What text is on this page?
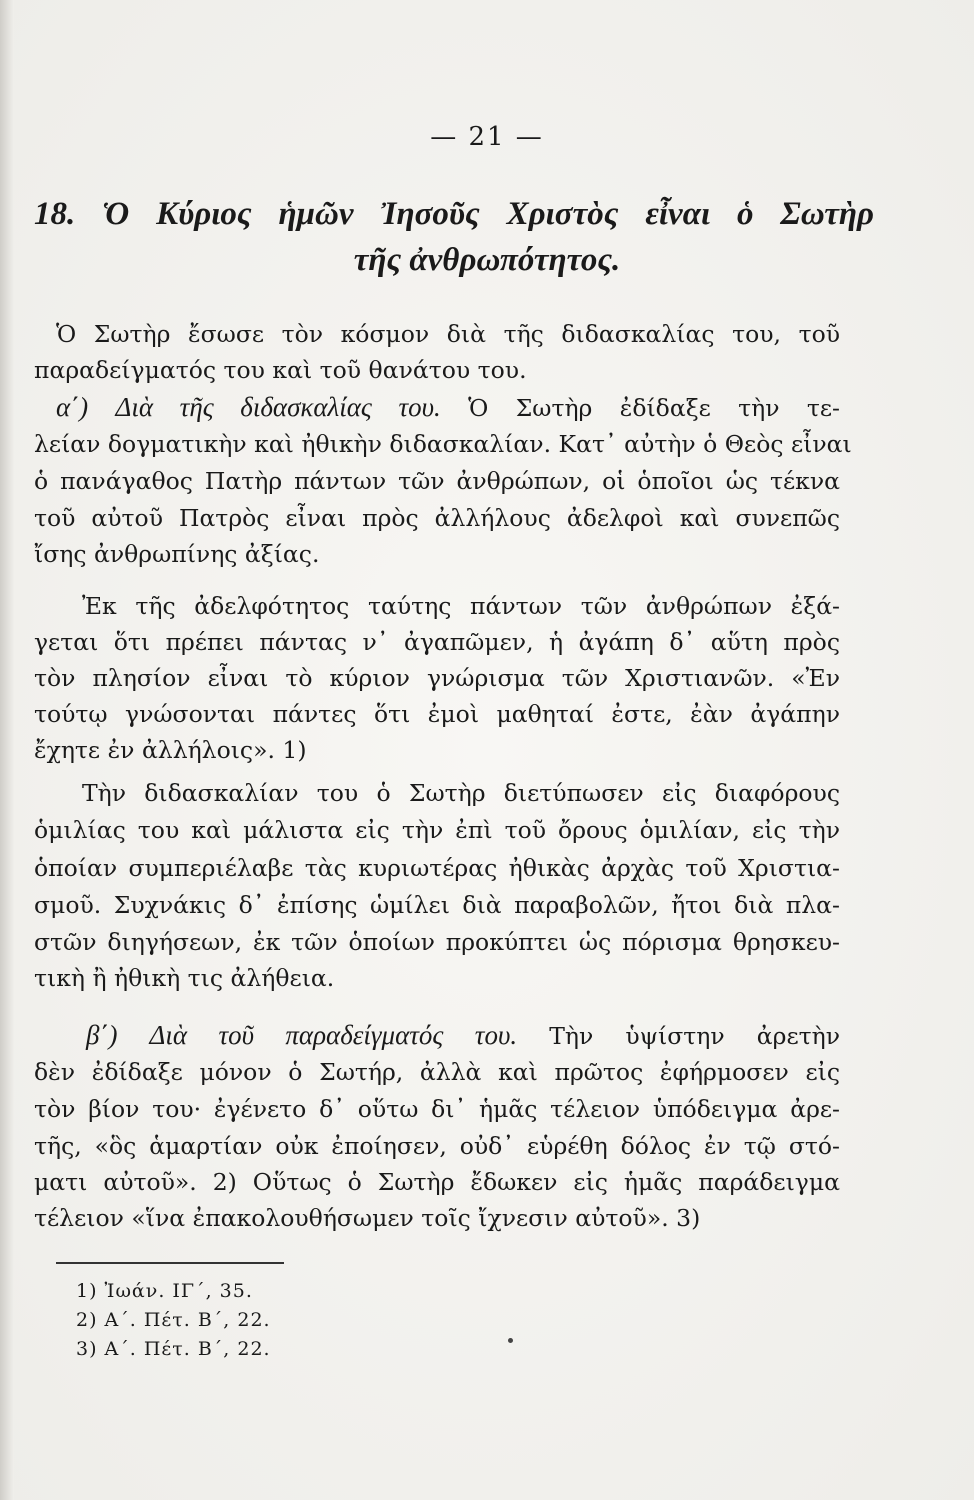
— 21 —
18. Ὁ Κύριος ἡμῶν Ἰησοῦς Χριστὸς εἶναι ὁ Σωτὴρ
τῆς ἀνθρωπότητος.
Ὁ Σωτὴρ ἔσωσε τὸν κόσμον διὰ τῆς διδασκαλίας του, τοῦ
παραδείγματός του καὶ τοῦ θανάτου του.
α΄) Διὰ τῆς διδασκαλίας του. Ὁ Σωτὴρ ἐδίδαξε τὴν τε-
λείαν δογματικὴν καὶ ἠθικὴν διδασκαλίαν. Κατ᾿ αὐτὴν ὁ Θεὸς εἶναι
ὁ πανάγαθος Πατὴρ πάντων τῶν ἀνθρώπων, οἱ ὁποῖοι ὡς τέκνα
τοῦ αὐτοῦ Πατρὸς εἶναι πρὸς ἀλλήλους ἀδελφοὶ καὶ συνεπῶς
ἴσης ἀνθρωπίνης ἀξίας.
Ἐκ τῆς ἀδελφότητος ταύτης πάντων τῶν ἀνθρώπων ἐξά-
γεται ὅτι πρέπει πάντας ν᾿ ἀγαπῶμεν, ἡ ἀγάπη δ᾿ αὕτη πρὸς
τὸν πλησίον εἶναι τὸ κύριον γνώρισμα τῶν Χριστιανῶν. «Ἐν
τούτῳ γνώσονται πάντες ὅτι ἐμοὶ μαθηταί ἐστε, ἐὰν ἀγάπην
ἔχητε ἐν ἀλλήλοις». 1)
Τὴν διδασκαλίαν του ὁ Σωτὴρ διετύπωσεν εἰς διαφόρους
ὁμιλίας του καὶ μάλιστα εἰς τὴν ἐπὶ τοῦ ὄρους ὁμιλίαν, εἰς τὴν
ὁποίαν συμπεριέλαβε τὰς κυριωτέρας ἠθικὰς ἀρχὰς τοῦ Χριστια-
σμοῦ. Συχνάκις δ᾿ ἐπίσης ὡμίλει διὰ παραβολῶν, ἤτοι διὰ πλα-
στῶν διηγήσεων, ἐκ τῶν ὁποίων προκύπτει ὡς πόρισμα θρησκευ-
τικὴ ἢ ἠθικὴ τις ἀλήθεια.
β΄) Διὰ τοῦ παραδείγματός του. Τὴν ὑψίστην ἀρετὴν
δὲν ἐδίδαξε μόνον ὁ Σωτήρ, ἀλλὰ καὶ πρῶτος ἐφήρμοσεν εἰς
τὸν βίον του· ἐγένετο δ᾿ οὕτω δι᾿ ἡμᾶς τέλειον ὑπόδειγμα ἀρε-
τῆς, «ὃς ἁμαρτίαν οὐκ ἐποίησεν, οὐδ᾿ εὑρέθη δόλος ἐν τῷ στό-
ματι αὐτοῦ». 2) Οὕτως ὁ Σωτὴρ ἔδωκεν εἰς ἡμᾶς παράδειγμα
τέλειον «ἵνα ἐπακολουθήσωμεν τοῖς ἴχνεσιν αὐτοῦ». 3)
1) Ἰωάν. ΙΓ΄, 35.
2) Α΄. Πέτ. Β΄, 22.
3) Α΄. Πέτ. Β΄, 22.
